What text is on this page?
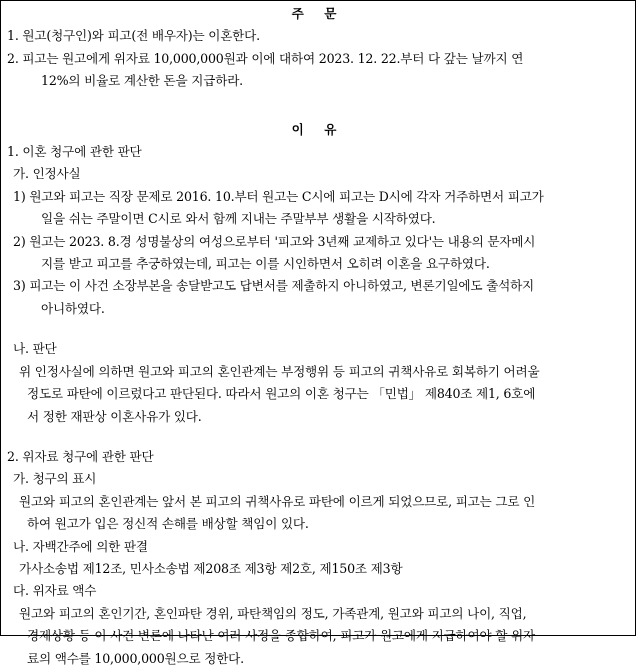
주 문
1. 원고(청구인)와 피고(전 배우자)는 이혼한다.
2. 피고는 원고에게 위자료 10,000,000원과 이에 대하여 2023. 12. 22.부터 다 갚는 날까지 연
12%의 비율로 계산한 돈을 지급하라.
이 유
1. 이혼 청구에 관한 판단
가. 인정사실
1) 원고와 피고는 직장 문제로 2016. 10.부터 원고는 C시에 피고는 D시에 각자 거주하면서 피고가
일을 쉬는 주말이면 C시로 와서 함께 지내는 주말부부 생활을 시작하였다.
2) 원고는 2023. 8.경 성명불상의 여성으로부터 '피고와 3년째 교제하고 있다'는 내용의 문자메시
지를 받고 피고를 추궁하였는데, 피고는 이를 시인하면서 오히려 이혼을 요구하였다.
3) 피고는 이 사건 소장부본을 송달받고도 답변서를 제출하지 아니하였고, 변론기일에도 출석하지
아니하였다.
나. 판단
위 인정사실에 의하면 원고와 피고의 혼인관계는 부정행위 등 피고의 귀책사유로 회복하기 어려울
정도로 파탄에 이르렀다고 판단된다. 따라서 원고의 이혼 청구는 「민법」 제840조 제1, 6호에
서 정한 재판상 이혼사유가 있다.
2. 위자료 청구에 관한 판단
가. 청구의 표시
원고와 피고의 혼인관계는 앞서 본 피고의 귀책사유로 파탄에 이르게 되었으므로, 피고는 그로 인
하여 원고가 입은 정신적 손해를 배상할 책임이 있다.
나. 자백간주에 의한 판결
가사소송법 제12조, 민사소송법 제208조 제3항 제2호, 제150조 제3항
다. 위자료 액수
원고와 피고의 혼인기간, 혼인파탄 경위, 파탄책임의 정도, 가족관계, 원고와 피고의 나이, 직업,
경제상황 등 이 사건 변론에 나타난 여러 사정을 종합하여, 피고가 원고에게 지급하여야 할 위자
료의 액수를 10,000,000원으로 정한다.
